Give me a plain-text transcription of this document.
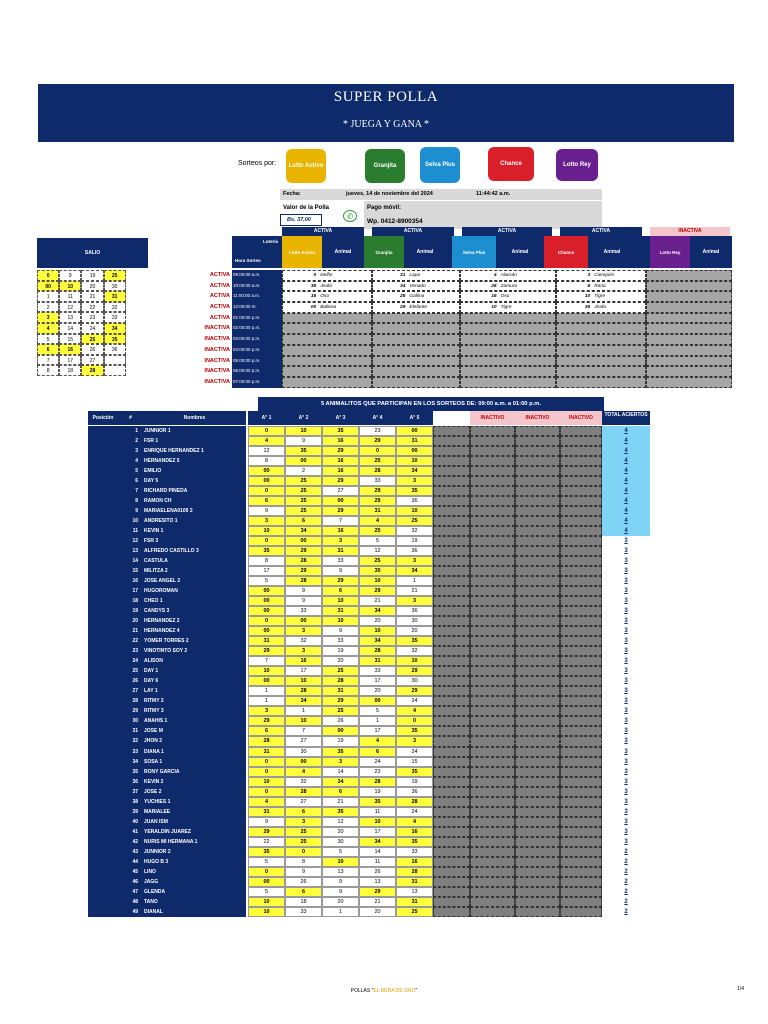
SUPER POLLA
* JUEGA Y GANA *
Sorteos por: Lotto Activo	Granjita	Selva Plus	Chance	Lotto Rey
Fecha:	jueves, 14 de noviembre del 2024	11:44:42 a.m.
Valor de la Polla
Bs. 37,00	✆
Pago móvil:
Wp. 0412-8900354
ACTIVA	ACTIVA	ACTIVA	ACTIVA	INACTIVA
Lotería
Hora Sorteo
Lotto Activo	Animal	Granjita	Animal	Selva Plus	Animal	Chance	Animal	Lotto Rey	Animal
SALIO
0	9	19	25
00	10	20	30
1	11	21	31
2	12	22	32
3	13	23	33
4	14	24	34
5	15	25	35
6	16	26	36
7	17	27
8	18	28
ACTIVA 09:00:00 a.m.	0 Delfin	31 Lapa	4 Alacrán	3 Ciempiés
ACTIVA 10:00:00 a.m.	35 Jirafa	34 Venado	28 Zamuro	6 Rana
ACTIVA 11:00:00 a.m.	16 Oso	25 Gallina	16 Oso	10 Tigre
ACTIVA 12:00:00 m.	00 Ballena	29 Elefante	10 Tigre	35 Jirafa
ACTIVA 01:00:00 p.m.
INACTIVA 02:00:00 p.m.
INACTIVA 03:00:00 p.m.
INACTIVA 04:00:00 p.m.
INACTIVA 05:00:00 p.m.
INACTIVA 06:00:00 p.m.
INACTIVA 07:00:00 p.m.
5 ANIMALITOS QUE PARTICIPAN EN LOS SORTEOS DE: 09:00 a.m. a 01:00 p.m.
Posición	#	Nombres	A° 1	A° 2	A° 3	A° 4	A° 5	INACTIVO	INACTIVO	INACTIVO	TOTAL ACIERTOS
1	JUNNIOR 1	0	10	35	23	00	4
2	FSR 1	4	9	16	29	31	4
3	ENRIQUE HERNANDEZ 1	12	35	29	0	00	4
4	HERNANDEZ 5	8	00	16	25	10	4
5	EMILIO	00	2	16	28	34	4
6	DAY 5	00	25	29	33	3	4
7	RICHARD PINEDA	0	25	27	29	35	4
8	RAMON CH	6	25	00	29	36	4
9	MARIAELENA0109 2	9	25	29	31	10	4
10	ANDRESITO 1	3	6	7	4	25	4
11	KEVIN 1	10	34	16	25	32	4
12	FSR 3	0	00	3	5	19	3
13	ALFREDO CASTILLO 3	35	29	31	12	36	3
14	CASTULA	8	28	33	25	3	3
15	MILITZA 2	17	29	9	35	34	3
16	JOSE ANGEL 2	5	28	29	10	1	3
17	HUGOROMAN	00	9	6	29	21	3
18	CHEO 1	00	9	10	21	3	3
19	CANDYS 3	00	33	31	34	36	3
20	HERNANDEZ 2	0	00	10	20	30	3
21	HERNANDEZ 4	00	3	9	10	20	3
22	YOMER TORRES 2	31	32	33	34	35	3
23	VINOTINTO SOY 2	29	3	19	28	32	3
24	ALISON	7	16	20	31	10	3
25	DAY 1	10	17	25	33	29	3
26	DAY 6	00	10	28	17	30	3
27	LAY 1	1	28	31	20	29	3
28	RITMY 2	1	34	29	00	24	3
29	RITMY 3	3	1	25	5	4	3
30	ANAHIS 1	29	10	26	1	0	3
31	JOSE M	6	7	00	17	35	3
32	JHON 2	28	27	19	4	3	3
33	DIANA 1	31	30	35	6	24	3
34	SOSA 1	0	00	3	24	15	3
35	RONY GARCIA	0	4	14	23	35	3
36	KEVIN 2	10	32	34	28	19	3
37	JOSE 2	0	28	6	19	36	3
38	YUCHIES 1	4	27	21	35	28	3
39	MARIALEE	31	6	35	11	24	3
40	JUAN ISM	9	3	12	10	4	3
41	YERALDIN JUAREZ	29	25	20	17	16	3
42	NURIS MI HERMANA 1	22	25	30	34	35	3
43	JUNNIOR 2	35	0	5	14	33	2
44	HUGO B 3	5	8	10	11	16	2
45	LINO	0	9	13	26	28	2
46	JAGG	00	26	9	13	31	2
47	GLENDA	5	6	9	29	13	2
48	TANO	10	18	20	21	31	2
49	DIANAL	10	33	1	20	25	2
POLLAS "EL BUDA DE ORO"	1/4
